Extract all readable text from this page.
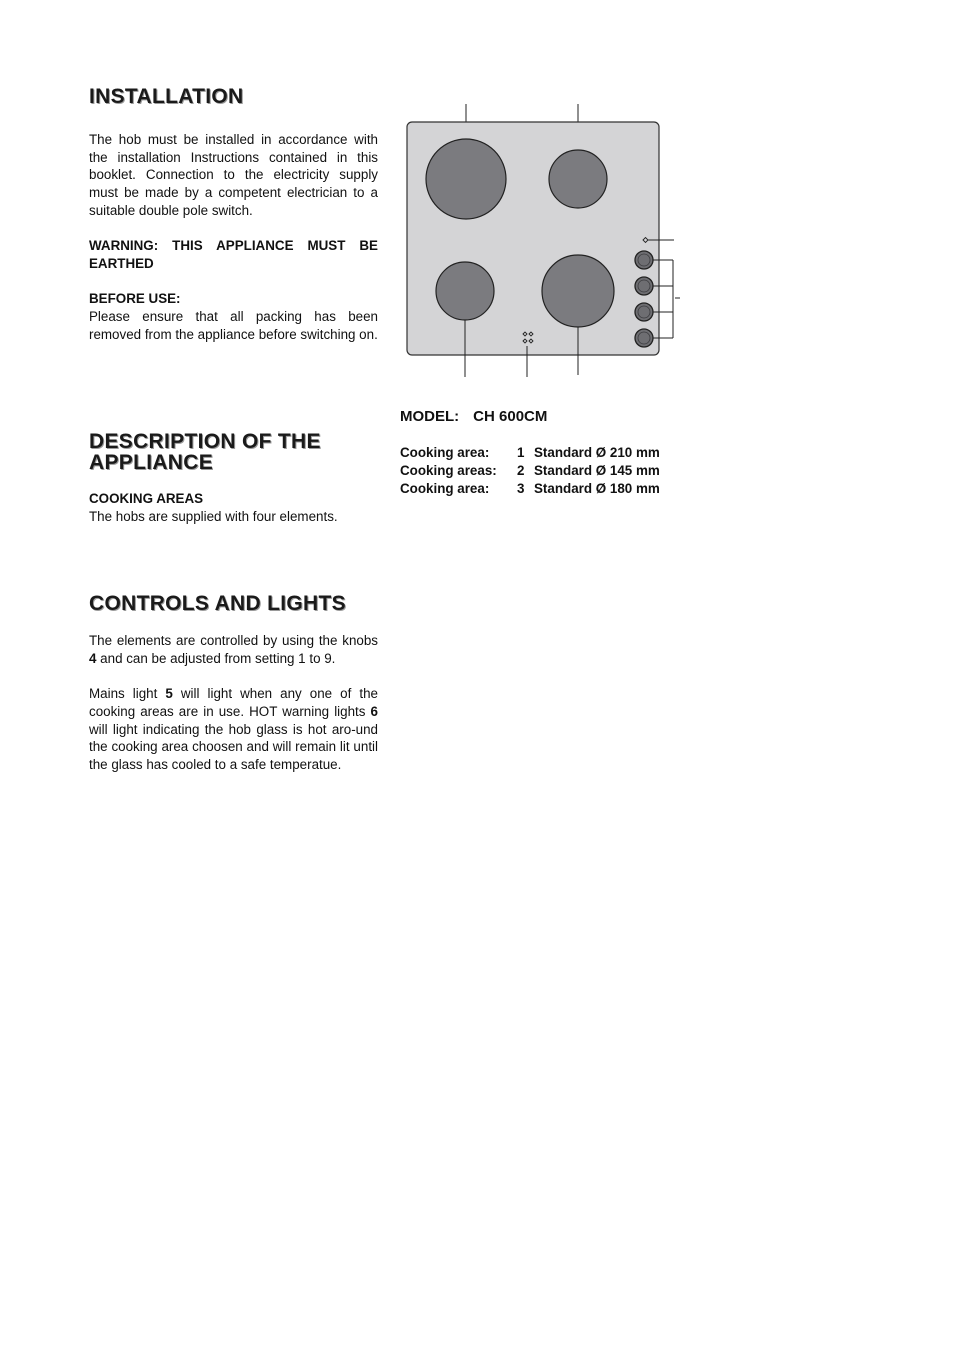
INSTALLATION

The hob must be installed in accordance with the installation Instructions contained in this booklet. Connection to the electricity supply must be made by a competent electrician to a suitable double pole switch.

WARNING: THIS APPLIANCE MUST BE EARTHED

BEFORE USE:

Please ensure that all packing has been removed from the appliance before switching on.

DESCRIPTION OF THE
APPLIANCE

COOKING AREAS

The hobs are supplied with four elements.

CONTROLS AND LIGHTS

The elements are controlled by using the knobs 4 and can be adjusted from setting 1 to 9.

Mains light 5 will light when any one of the cooking areas are in use. HOT warning lights 6 will light indicating the hob glass is hot aro-und the cooking area choosen and will remain lit until the glass has cooled to a safe temperatue.

MODEL: CH 600CM
Cooking area:	1	Standard Ø 210 mm
Cooking areas:	2	Standard Ø 145 mm
Cooking area:	3	Standard Ø 180 mm
